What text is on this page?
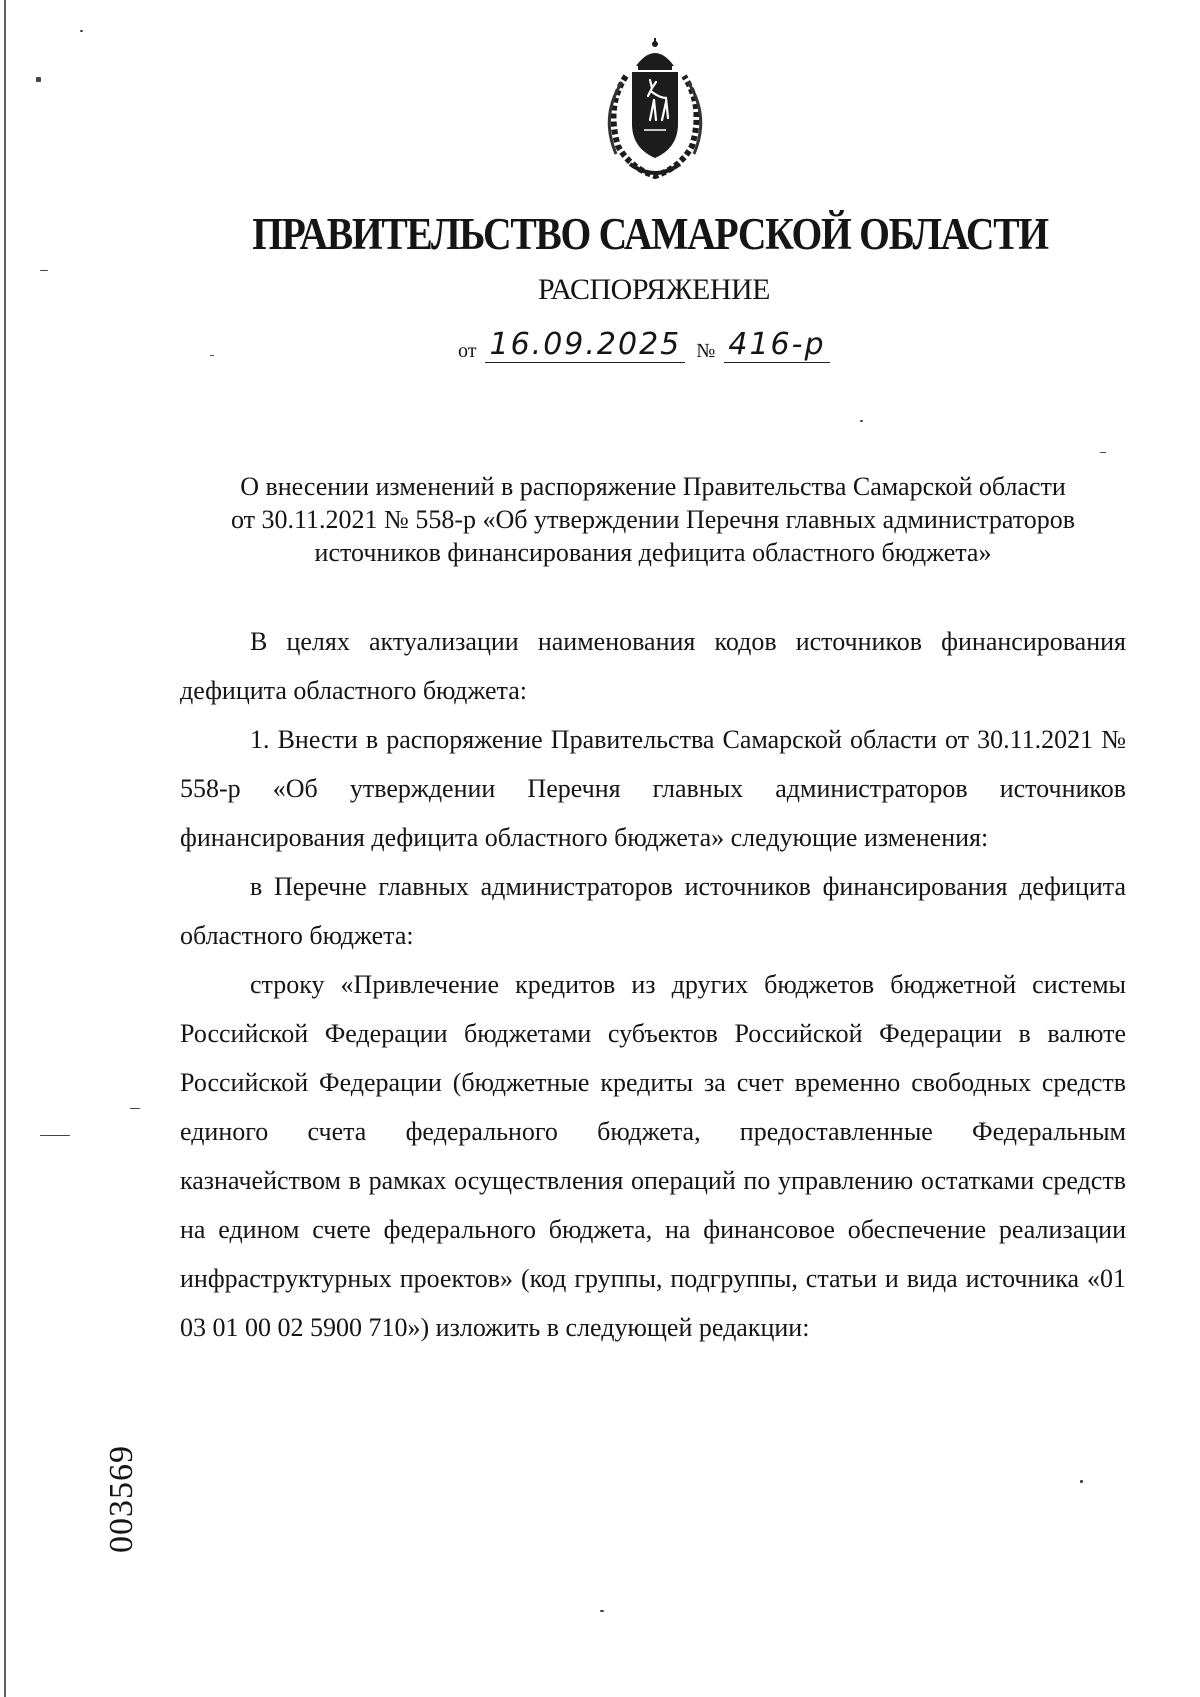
ПРАВИТЕЛЬСТВО САМАРСКОЙ ОБЛАСТИ
РАСПОРЯЖЕНИЕ
от 16.09.2025 № 416-р
О внесении изменений в распоряжение Правительства Самарской области
от 30.11.2021 № 558-р «Об утверждении Перечня главных администраторов
источников финансирования дефицита областного бюджета»

В целях актуализации наименования кодов источников финансирования дефицита областного бюджета:

1. Внести в распоряжение Правительства Самарской области от 30.11.2021 № 558-р «Об утверждении Перечня главных администраторов источников финансирования дефицита областного бюджета» следующие изменения:

в Перечне главных администраторов источников финансирования дефицита областного бюджета:

строку «Привлечение кредитов из других бюджетов бюджетной системы Российской Федерации бюджетами субъектов Российской Федерации в валюте Российской Федерации (бюджетные кредиты за счет временно свободных средств единого счета федерального бюджета, предоставленные Федеральным казначейством в рамках осуществления операций по управлению остатками средств на едином счете федерального бюджета, на финансовое обеспечение реализации инфраструктурных проектов» (код группы, подгруппы, статьи и вида источника «01 03 01 00 02 5900 710») изложить в следующей редакции:

003569
